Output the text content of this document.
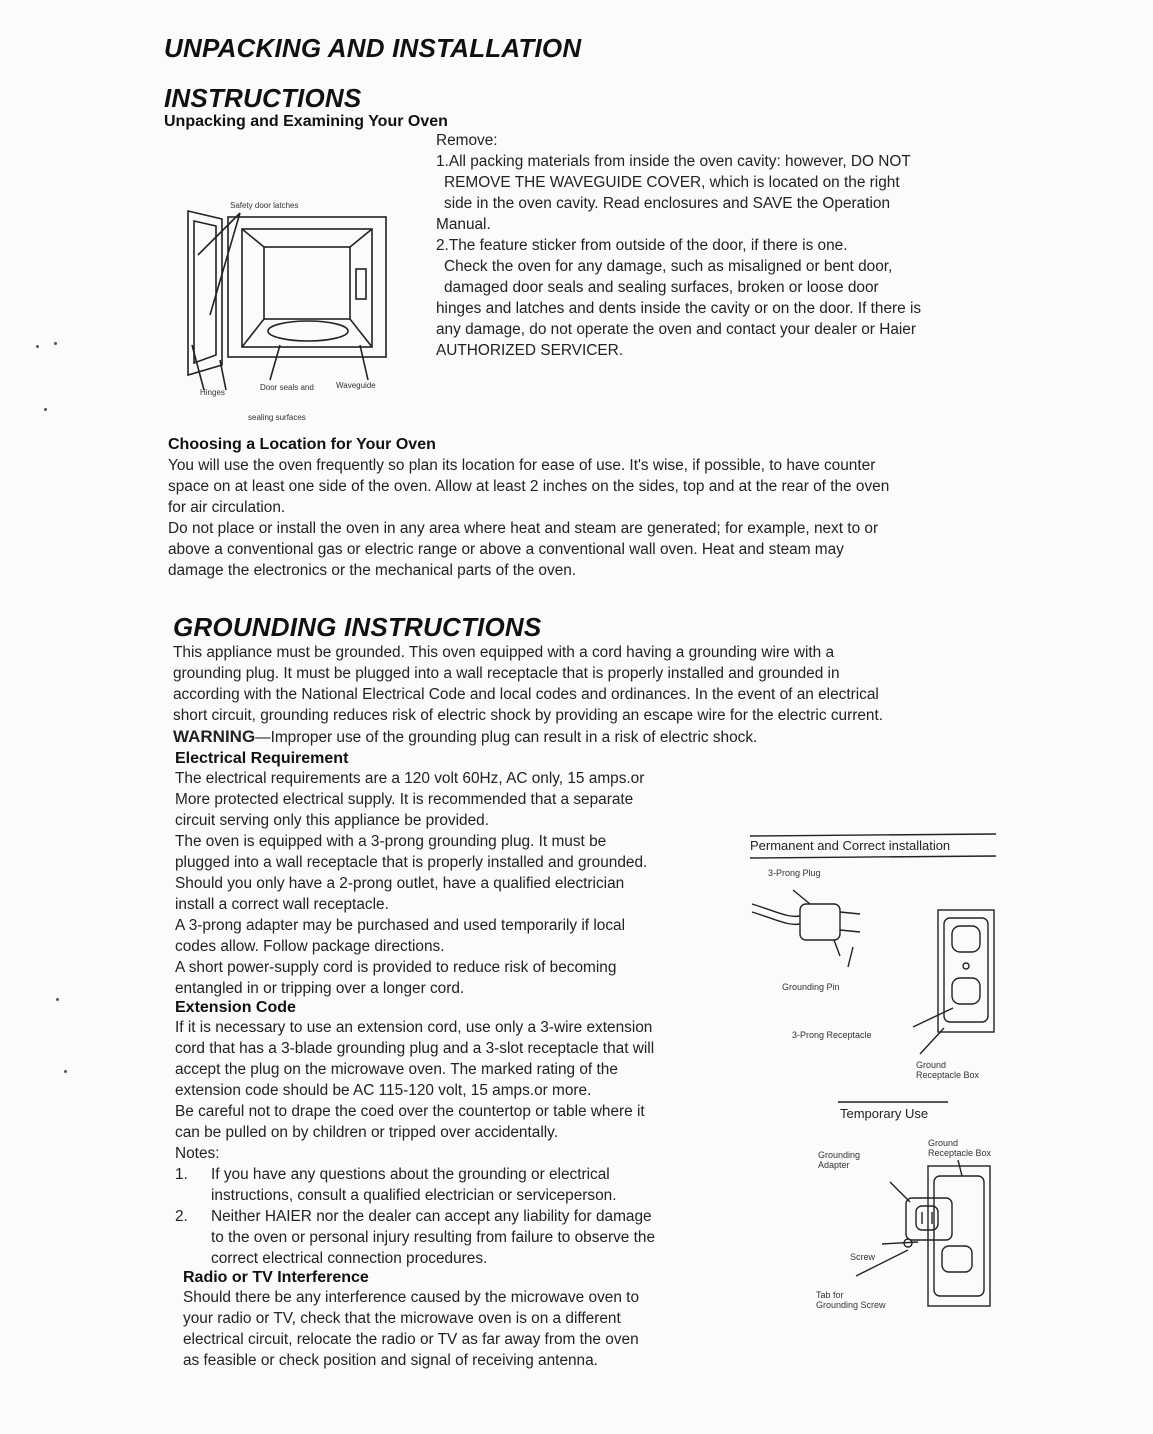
UNPACKING AND INSTALLATION
INSTRUCTIONS
Unpacking and Examining Your Oven

Remove:

1.All packing materials from inside the oven cavity: however, DO NOT

REMOVE THE WAVEGUIDE COVER, which is located on the right

side in the oven cavity. Read enclosures and SAVE the Operation

Manual.

2.The feature sticker from outside of the door, if there is one.

Check the oven for any damage, such as misaligned or bent door,

damaged door seals and sealing surfaces, broken or loose door

hinges and latches and dents inside the cavity or on the door. If there is

any damage, do not operate the oven and contact your dealer or Haier

AUTHORIZED SERVICER.

Safety door latches
Hinges
Door seals and
sealing surfaces
Waveguide
Choosing a Location for Your Oven

You will use the oven frequently so plan its location for ease of use. It's wise, if possible, to have counter

space on at least one side of the oven. Allow at least 2 inches on the sides, top and at the rear of the oven

for air circulation.

Do not place or install the oven in any area where heat and steam are generated; for example, next to or

above a conventional gas or electric range or above a conventional wall oven. Heat and steam may

damage the electronics or the mechanical parts of the oven.

GROUNDING INSTRUCTIONS

This appliance must be grounded. This oven equipped with a cord having a grounding wire with a

grounding plug. It must be plugged into a wall receptacle that is properly installed and grounded in

according with the National Electrical Code and local codes and ordinances. In the event of an electrical

short circuit, grounding reduces risk of electric shock by providing an escape wire for the electric current.

WARNING—Improper use of the grounding plug can result in a risk of electric shock.

Electrical Requirement

The electrical requirements are a 120 volt 60Hz, AC only, 15 amps.or

More protected electrical supply. It is recommended that a separate

circuit serving only this appliance be provided.

The oven is equipped with a 3-prong grounding plug. It must be

plugged into a wall receptacle that is properly installed and grounded.

Should you only have a 2-prong outlet, have a qualified electrician

install a correct wall receptacle.

A 3-prong adapter may be purchased and used temporarily if local

codes allow. Follow package directions.

A short power-supply cord is provided to reduce risk of becoming

entangled in or tripping over a longer cord.

Extension Code

If it is necessary to use an extension cord, use only a 3-wire extension

cord that has a 3-blade grounding plug and a 3-slot receptacle that will

accept the plug on the microwave oven. The marked rating of the

extension code should be AC 115-120 volt, 15 amps.or more.

Be careful not to drape the coed over the countertop or table where it

can be pulled on by children or tripped over accidentally.

Notes:

1.	If you have any questions about the grounding or electrical

instructions, consult a qualified electrician or serviceperson.

2.	Neither HAIER nor the dealer can accept any liability for damage

to the oven or personal injury resulting from failure to observe the

correct electrical connection procedures.

Radio or TV Interference

Should there be any interference caused by the microwave oven to

your radio or TV, check that the microwave oven is on a different

electrical circuit, relocate the radio or TV as far away from the oven

as feasible or check position and signal of receiving antenna.

Permanent and Correct installation
3-Prong Plug
Grounding Pin
3-Prong Receptacle
Ground
Receptacle Box
Temporary Use
Grounding
Adapter
Ground
Receptacle Box
Screw
Tab for
Grounding Screw
